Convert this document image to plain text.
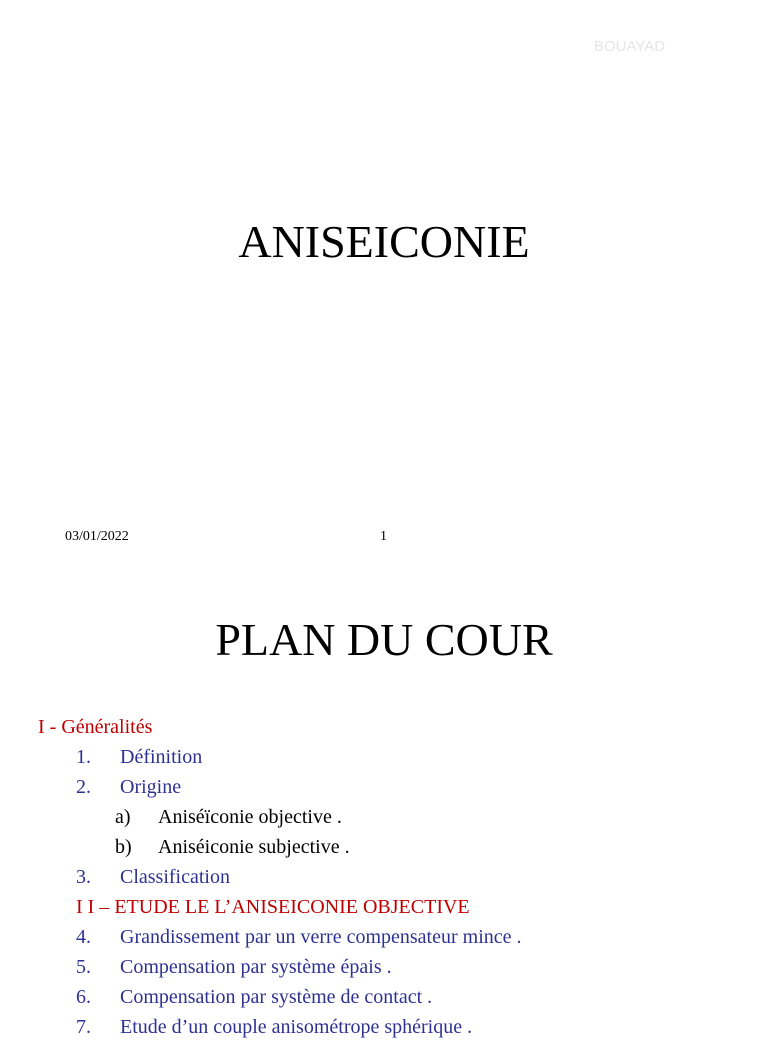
BOUAYAD
ANISEICONIE
03/01/2022	1
PLAN DU COUR
I - Généralités
1. Définition
2. Origine
a) Aniséïconie objective .
b) Aniséiconie subjective .
3. Classification
I I – ETUDE LE L’ANISEICONIE OBJECTIVE
4. Grandissement par un verre compensateur mince .
5. Compensation par système épais .
6. Compensation par système de contact .
7. Etude d’un couple anisométrope sphérique .
